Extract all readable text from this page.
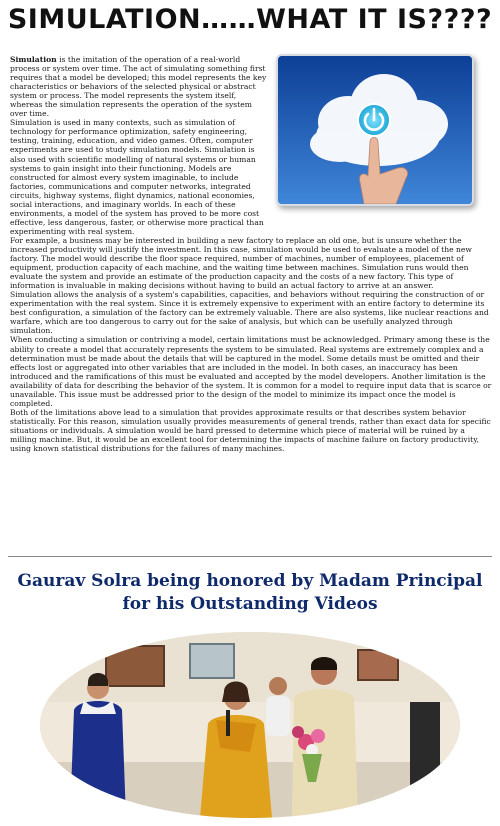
SIMULATION……WHAT IT IS????

Simulation is the imitation of the operation of a real-world process or system over time. The act of simulating something first requires that a model be developed; this model represents the key characteristics or behaviors of the selected physical or abstract system or process. The model represents the system itself, whereas the simulation represents the operation of the system over time.

Simulation is used in many contexts, such as simulation of technology for performance optimization, safety engineering, testing, training, education, and video games. Often, computer experiments are used to study simulation models. Simulation is also used with scientific modelling of natural systems or human systems to gain insight into their functioning. Models are constructed for almost every system imaginable, to include factories, communications and computer networks, integrated circuits, highway systems, flight dynamics, national economies, social interactions, and imaginary worlds. In each of these environments, a model of the system has proved to be more cost effective, less dangerous, faster, or otherwise more practical than experimenting with real system.

For example, a business may be interested in building a new factory to replace an old one, but is unsure whether the increased productivity will justify the investment. In this case, simulation would be used to evaluate a model of the new factory. The model would describe the floor space required, number of machines, number of employees, placement of equipment, production capacity of each machine, and the waiting time between machines. Simulation runs would then evaluate the system and provide an estimate of the production capacity and the costs of a new factory. This type of information is invaluable in making decisions without having to build an actual factory to arrive at an answer.

Simulation allows the analysis of a system's capabilities, capacities, and behaviors without requiring the construction of or experimentation with the real system. Since it is extremely expensive to experiment with an entire factory to determine its best configuration, a simulation of the factory can be extremely valuable. There are also systems, like nuclear reactions and warfare, which are too dangerous to carry out for the sake of analysis, but which can be usefully analyzed through simulation.

When conducting a simulation or contriving a model, certain limitations must be acknowledged. Primary among these is the ability to create a model that accurately represents the system to be simulated. Real systems are extremely complex and a determination must be made about the details that will be captured in the model. Some details must be omitted and their effects lost or aggregated into other variables that are included in the model. In both cases, an inaccuracy has been introduced and the ramifications of this must be evaluated and accepted by the model developers. Another limitation is the availability of data for describing the behavior of the system. It is common for a model to require input data that is scarce or unavailable. This issue must be addressed prior to the design of the model to minimize its impact once the model is completed.

Both of the limitations above lead to a simulation that provides approximate results or that describes system behavior statistically. For this reason, simulation usually provides measurements of general trends, rather than exact data for specific situations or individuals. A simulation would be hard pressed to determine which piece of material will be ruined by a milling machine. But, it would be an excellent tool for determining the impacts of machine failure on factory productivity, using known statistical distributions for the failures of many machines.

Gaurav Solra being honored by Madam Principal
for his Outstanding Videos
